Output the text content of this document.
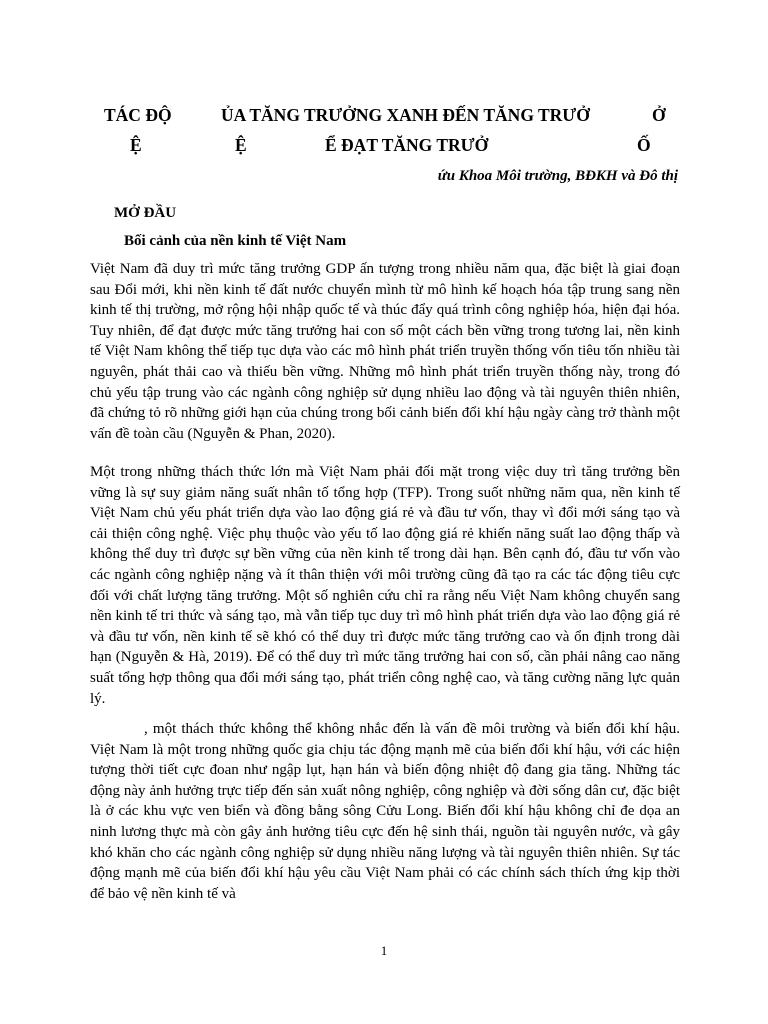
TÁC ĐỘ	ỦA TĂNG TRƯỞNG XANH ĐẾN TĂNG TRƯỞ	Ở
Ệ	Ệ	Ể ĐẠT TĂNG TRƯỞ	Ố
ứu Khoa Môi trường, BĐKH và Đô thị
MỞ ĐẦU
Bối cảnh của nền kinh tế Việt Nam

Việt Nam đã duy trì mức tăng trưởng GDP ấn tượng trong nhiều năm qua, đặc biệt là giai đoạn sau Đổi mới, khi nền kinh tế đất nước chuyển mình từ mô hình kế hoạch hóa tập trung sang nền kinh tế thị trường, mở rộng hội nhập quốc tế và thúc đẩy quá trình công nghiệp hóa, hiện đại hóa. Tuy nhiên, để đạt được mức tăng trưởng hai con số một cách bền vững trong tương lai, nền kinh tế Việt Nam không thể tiếp tục dựa vào các mô hình phát triển truyền thống vốn tiêu tốn nhiều tài nguyên, phát thải cao và thiếu bền vững. Những mô hình phát triển truyền thống này, trong đó chủ yếu tập trung vào các ngành công nghiệp sử dụng nhiều lao động và tài nguyên thiên nhiên, đã chứng tỏ rõ những giới hạn của chúng trong bối cảnh biến đổi khí hậu ngày càng trở thành một vấn đề toàn cầu (Nguyễn & Phan, 2020).

Một trong những thách thức lớn mà Việt Nam phải đối mặt trong việc duy trì tăng trưởng bền vững là sự suy giảm năng suất nhân tố tổng hợp (TFP). Trong suốt những năm qua, nền kinh tế Việt Nam chủ yếu phát triển dựa vào lao động giá rẻ và đầu tư vốn, thay vì đổi mới sáng tạo và cải thiện công nghệ. Việc phụ thuộc vào yếu tố lao động giá rẻ khiến năng suất lao động thấp và không thể duy trì được sự bền vững của nền kinh tế trong dài hạn. Bên cạnh đó, đầu tư vốn vào các ngành công nghiệp nặng và ít thân thiện với môi trường cũng đã tạo ra các tác động tiêu cực đối với chất lượng tăng trưởng. Một số nghiên cứu chỉ ra rằng nếu Việt Nam không chuyển sang nền kinh tế tri thức và sáng tạo, mà vẫn tiếp tục duy trì mô hình phát triển dựa vào lao động giá rẻ và đầu tư vốn, nền kinh tế sẽ khó có thể duy trì được mức tăng trưởng cao và ổn định trong dài hạn (Nguyễn & Hà, 2019). Để có thể duy trì mức tăng trưởng hai con số, cần phải nâng cao năng suất tổng hợp thông qua đổi mới sáng tạo, phát triển công nghệ cao, và tăng cường năng lực quản lý.

, một thách thức không thể không nhắc đến là vấn đề môi trường và biến đổi khí hậu. Việt Nam là một trong những quốc gia chịu tác động mạnh mẽ của biến đổi khí hậu, với các hiện tượng thời tiết cực đoan như ngập lụt, hạn hán và biến động nhiệt độ đang gia tăng. Những tác động này ảnh hưởng trực tiếp đến sản xuất nông nghiệp, công nghiệp và đời sống dân cư, đặc biệt là ở các khu vực ven biển và đồng bằng sông Cửu Long. Biến đổi khí hậu không chỉ đe dọa an ninh lương thực mà còn gây ảnh hưởng tiêu cực đến hệ sinh thái, nguồn tài nguyên nước, và gây khó khăn cho các ngành công nghiệp sử dụng nhiều năng lượng và tài nguyên thiên nhiên. Sự tác động mạnh mẽ của biến đổi khí hậu yêu cầu Việt Nam phải có các chính sách thích ứng kịp thời để bảo vệ nền kinh tế và

1
